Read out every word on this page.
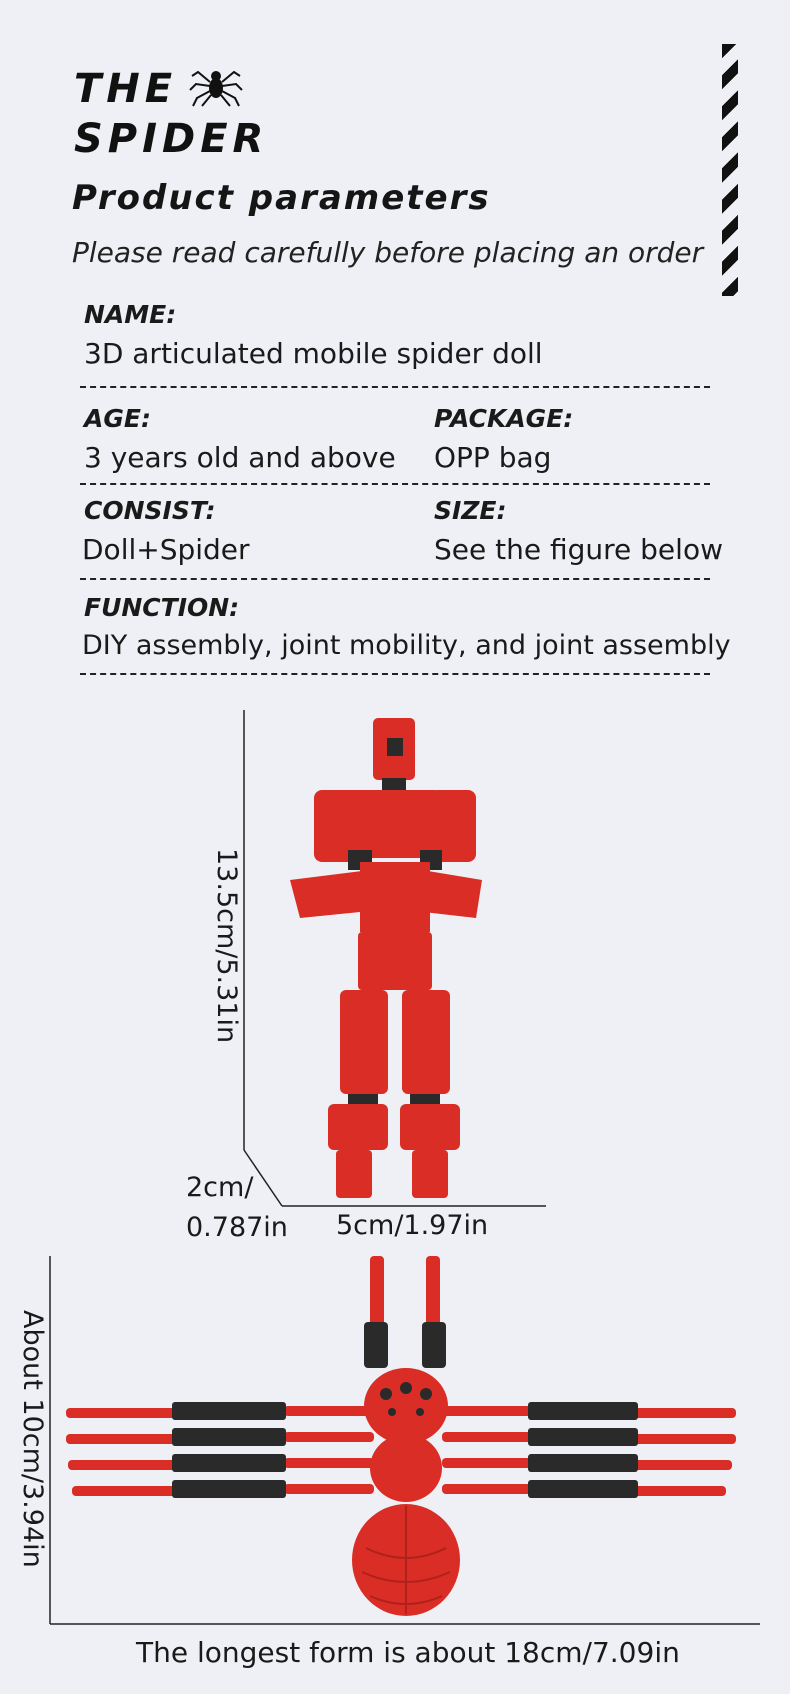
THE
SPIDER
Product parameters
Please read carefully before placing an order
NAME:
3D articulated mobile spider doll
AGE:
3 years old and above
PACKAGE:
OPP bag
CONSIST:
Doll+Spider
SIZE:
See the figure below
FUNCTION:
DIY assembly, joint mobility, and joint assembly
13.5cm/5.31in
2cm/
0.787in 5cm/1.97in
About 10cm/3.94in
The longest form is about 18cm/7.09in
